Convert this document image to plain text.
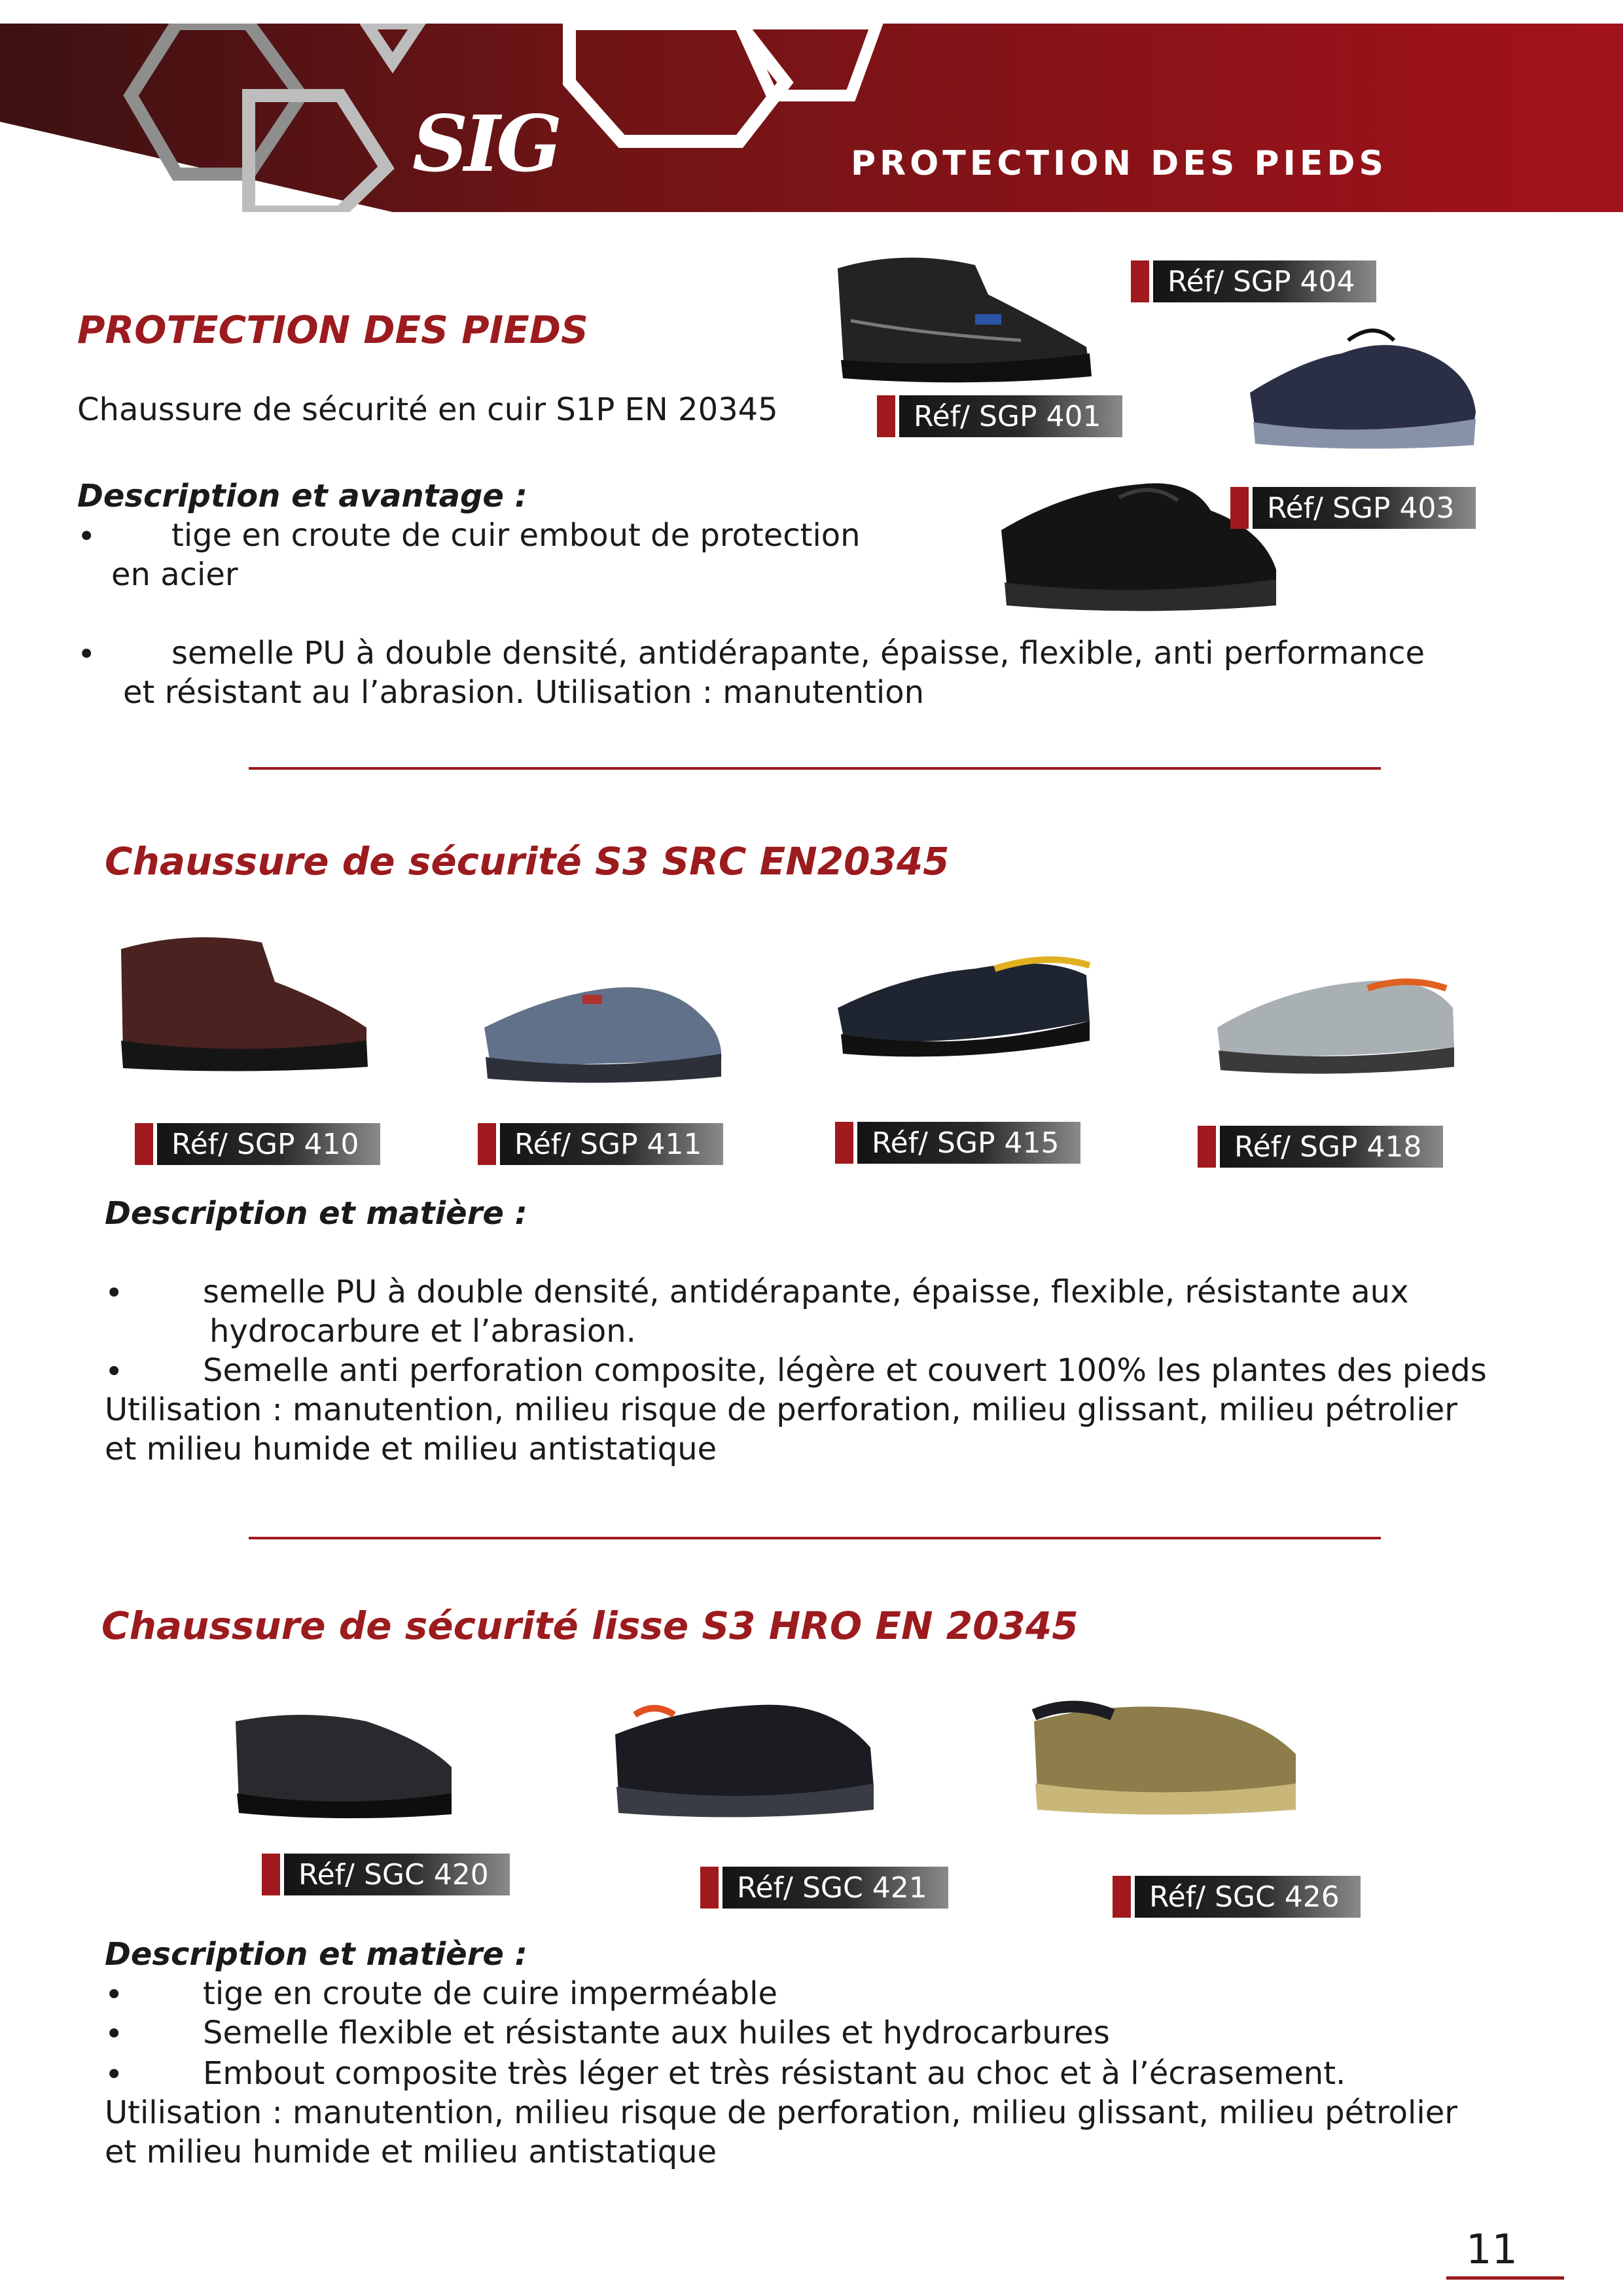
SIG	PROTECTION DES PIEDS
PROTECTION DES PIEDS
Chaussure de sécurité en cuir S1P EN 20345
Description et avantage :
• tige en croute de cuir embout de protection
en acier
• semelle PU à double densité, antidérapante, épaisse, flexible, anti performance
et résistant au l’abrasion. Utilisation : manutention
Réf/ SGP 404
Réf/ SGP 401
Réf/ SGP 403
Chaussure de sécurité S3 SRC EN20345
Réf/ SGP 410	Réf/ SGP 411	Réf/ SGP 415	Réf/ SGP 418
Description et matière :
•	semelle PU à double densité, antidérapante, épaisse, flexible, résistante aux
hydrocarbure et l’abrasion.
•	Semelle anti perforation composite, légère et couvert 100% les plantes des pieds
Utilisation : manutention, milieu risque de perforation, milieu glissant, milieu pétrolier
et milieu humide et milieu antistatique
Chaussure de sécurité lisse S3 HRO EN 20345
Réf/ SGC 420	Réf/ SGC 421	Réf/ SGC 426
Description et matière :
•	tige en croute de cuire imperméable
•	Semelle flexible et résistante aux huiles et hydrocarbures
•	Embout composite très léger et très résistant au choc et à l’écrasement.
Utilisation : manutention, milieu risque de perforation, milieu glissant, milieu pétrolier
et milieu humide et milieu antistatique
11
